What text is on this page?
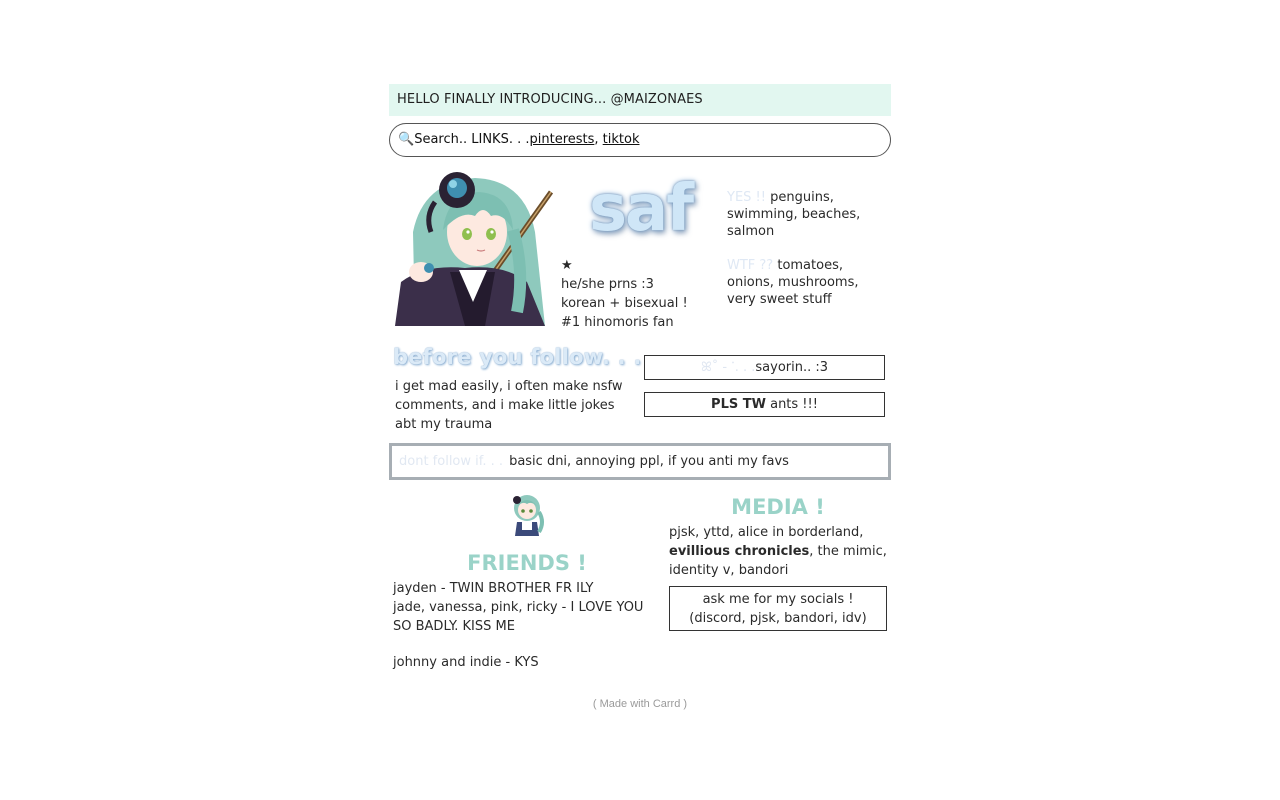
HELLO FINALLY INTRODUCING... @MAIZONAES
🔍Search.. LINKS. . .pinterests, tiktok
saf
★
he/she prns :3
korean + bisexual !
#1 hinomoris fan

YES !! penguins, swimming, beaches, salmon

WTF ?? tomatoes, onions, mushrooms, very sweet stuff

before you follow. . .
i get mad easily, i often make nsfw comments, and i make little jokes abt my trauma
ꕤ˚ - ᱸ. . .sayorin.. :3
PLS TW ants !!!
dont follow if. . . basic dni, annoying ppl, if you anti my favs
FRIENDS !
jayden - TWIN BROTHER FR ILY
jade, vanessa, pink, ricky - I LOVE YOU SO BADLY. KISS ME
johnny and indie - KYS
MEDIA !
pjsk, yttd, alice in borderland, evillious chronicles, the mimic, identity v, bandori
ask me for my socials !
(discord, pjsk, bandori, idv)
( Made with Carrd )
